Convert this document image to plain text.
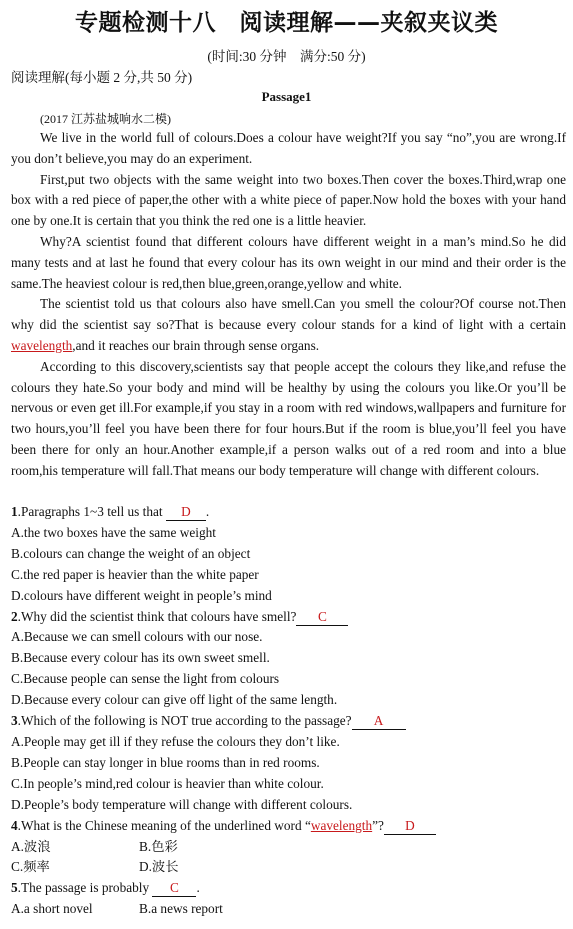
专题检测十八　阅读理解——夹叙夹议类
(时间:30 分钟　满分:50 分)
阅读理解(每小题 2 分,共 50 分)
Passage1
(2017 江苏盐城响水二模)

We live in the world full of colours.Does a colour have weight?If you say “no”,you are wrong.If you don’t believe,you may do an experiment.

First,put two objects with the same weight into two boxes.Then cover the boxes.Third,wrap one box with a red piece of paper,the other with a white piece of paper.Now hold the boxes with your hand one by one.It is certain that you think the red one is a little heavier.

Why?A scientist found that different colours have different weight in a man’s mind.So he did many tests and at last he found that every colour has its own weight in our mind and their order is the same.The heaviest colour is red,then blue,green,orange,yellow and white.

The scientist told us that colours also have smell.Can you smell the colour?Of course not.Then why did the scientist say so?That is because every colour stands for a kind of light with a certain wavelength,and it reaches our brain through sense organs.

According to this discovery,scientists say that people accept the colours they like,and refuse the colours they hate.So your body and mind will be healthy by using the colours you like.Or you’ll be nervous or even get ill.For example,if you stay in a room with red windows,wallpapers and furniture for two hours,you’ll feel you have been there for four hours.But if the room is blue,you’ll feel you have been there for only an hour.Another example,if a person walks out of a red room and into a blue room,his temperature will fall.That means our body temperature will change with different colours.

1.Paragraphs 1~3 tell us that D .
A.the two boxes have the same weight
B.colours can change the weight of an object
C.the red paper is heavier than the white paper
D.colours have different weight in people’s mind
2.Why did the scientist think that colours have smell? C
A.Because we can smell colours with our nose.
B.Because every colour has its own sweet smell.
C.Because people can sense the light from colours
D.Because every colour can give off light of the same length.
3.Which of the following is NOT true according to the passage? A
A.People may get ill if they refuse the colours they don’t like.
B.People can stay longer in blue rooms than in red rooms.
C.In people’s mind,red colour is heavier than white colour.
D.People’s body temperature will change with different colours.
4.What is the Chinese meaning of the underlined word “wavelength”? D
A.波浪	B.色彩
C.频率	D.波长
5.The passage is probably C .
A.a short novel	B.a news report
